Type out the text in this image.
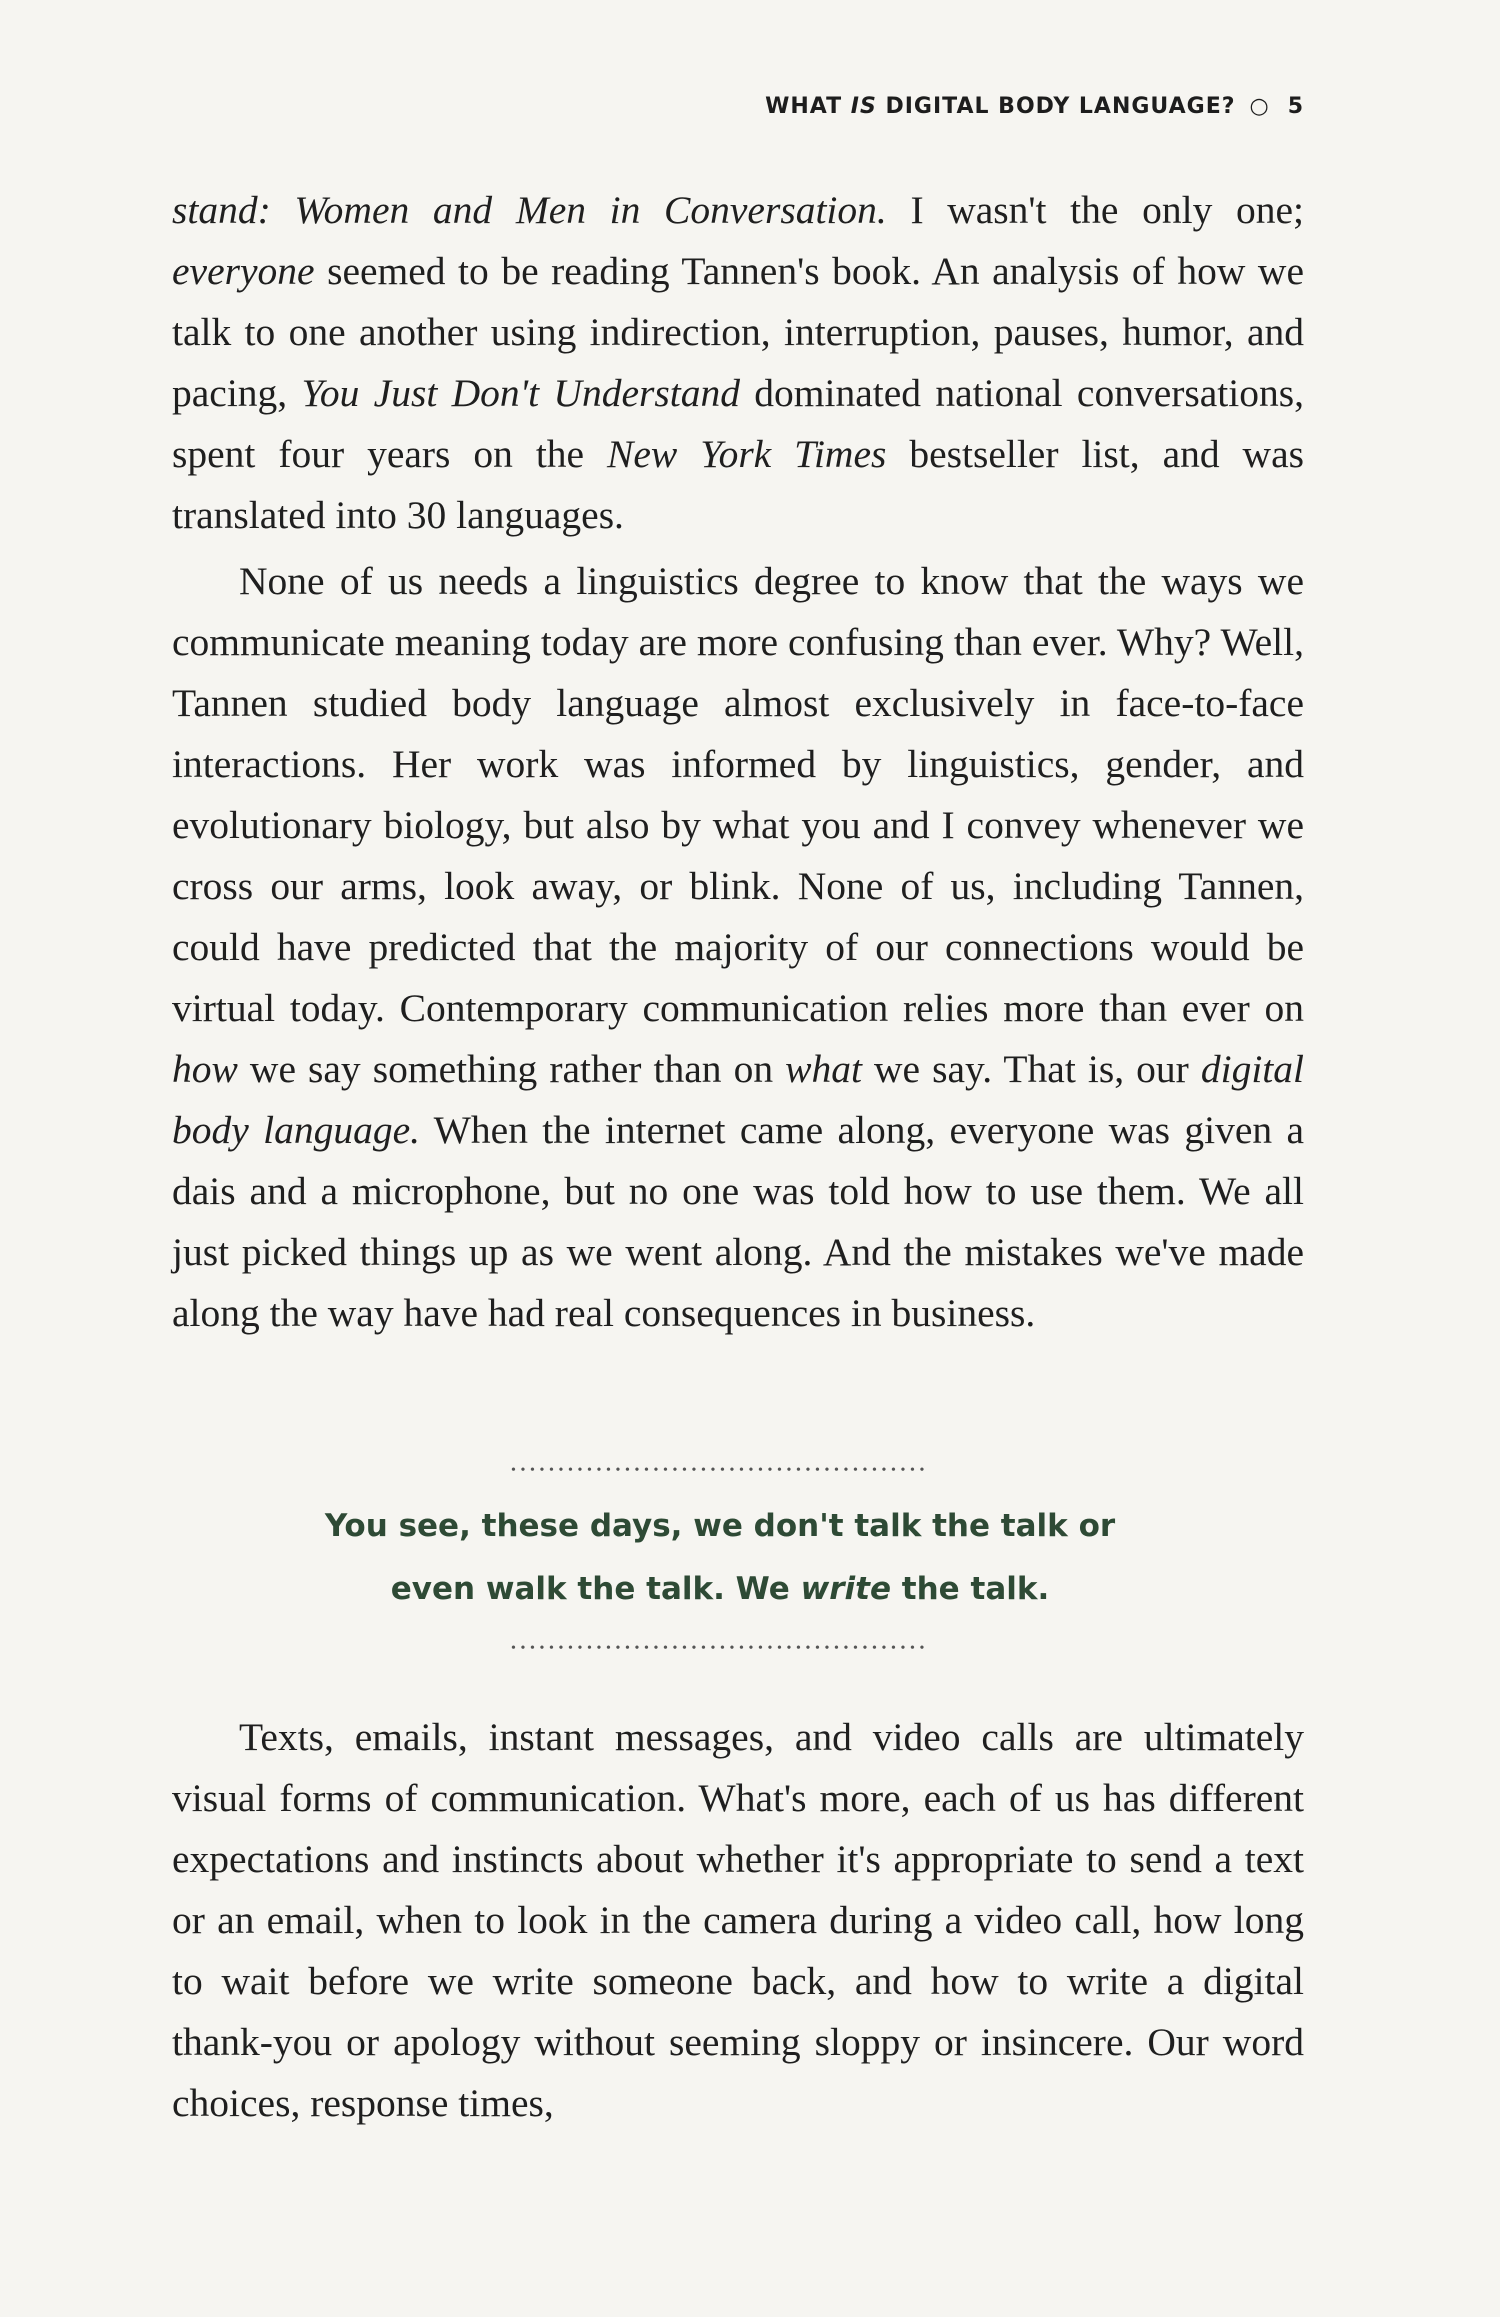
WHAT IS DIGITAL BODY LANGUAGE? ○ 5

stand: Women and Men in Conversation. I wasn't the only one; everyone seemed to be reading Tannen's book. An analysis of how we talk to one another using indirection, interruption, pauses, humor, and pacing, You Just Don't Understand dominated national conversations, spent four years on the New York Times bestseller list, and was translated into 30 languages.

None of us needs a linguistics degree to know that the ways we communicate meaning today are more confusing than ever. Why? Well, Tannen studied body language almost exclusively in face-to-face interactions. Her work was informed by linguistics, gender, and evolutionary biology, but also by what you and I convey whenever we cross our arms, look away, or blink. None of us, including Tannen, could have predicted that the majority of our connections would be virtual today. Contemporary communication relies more than ever on how we say something rather than on what we say. That is, our digital body language. When the internet came along, everyone was given a dais and a microphone, but no one was told how to use them. We all just picked things up as we went along. And the mistakes we've made along the way have had real consequences in business.

••••••••••••••••••••••••••••••••••••••••••••
You see, these days, we don't talk the talk or
even walk the talk. We write the talk.
••••••••••••••••••••••••••••••••••••••••••••

Texts, emails, instant messages, and video calls are ultimately visual forms of communication. What's more, each of us has different expectations and instincts about whether it's appropriate to send a text or an email, when to look in the camera during a video call, how long to wait before we write someone back, and how to write a digital thank-you or apology without seeming sloppy or insincere. Our word choices, response times,
